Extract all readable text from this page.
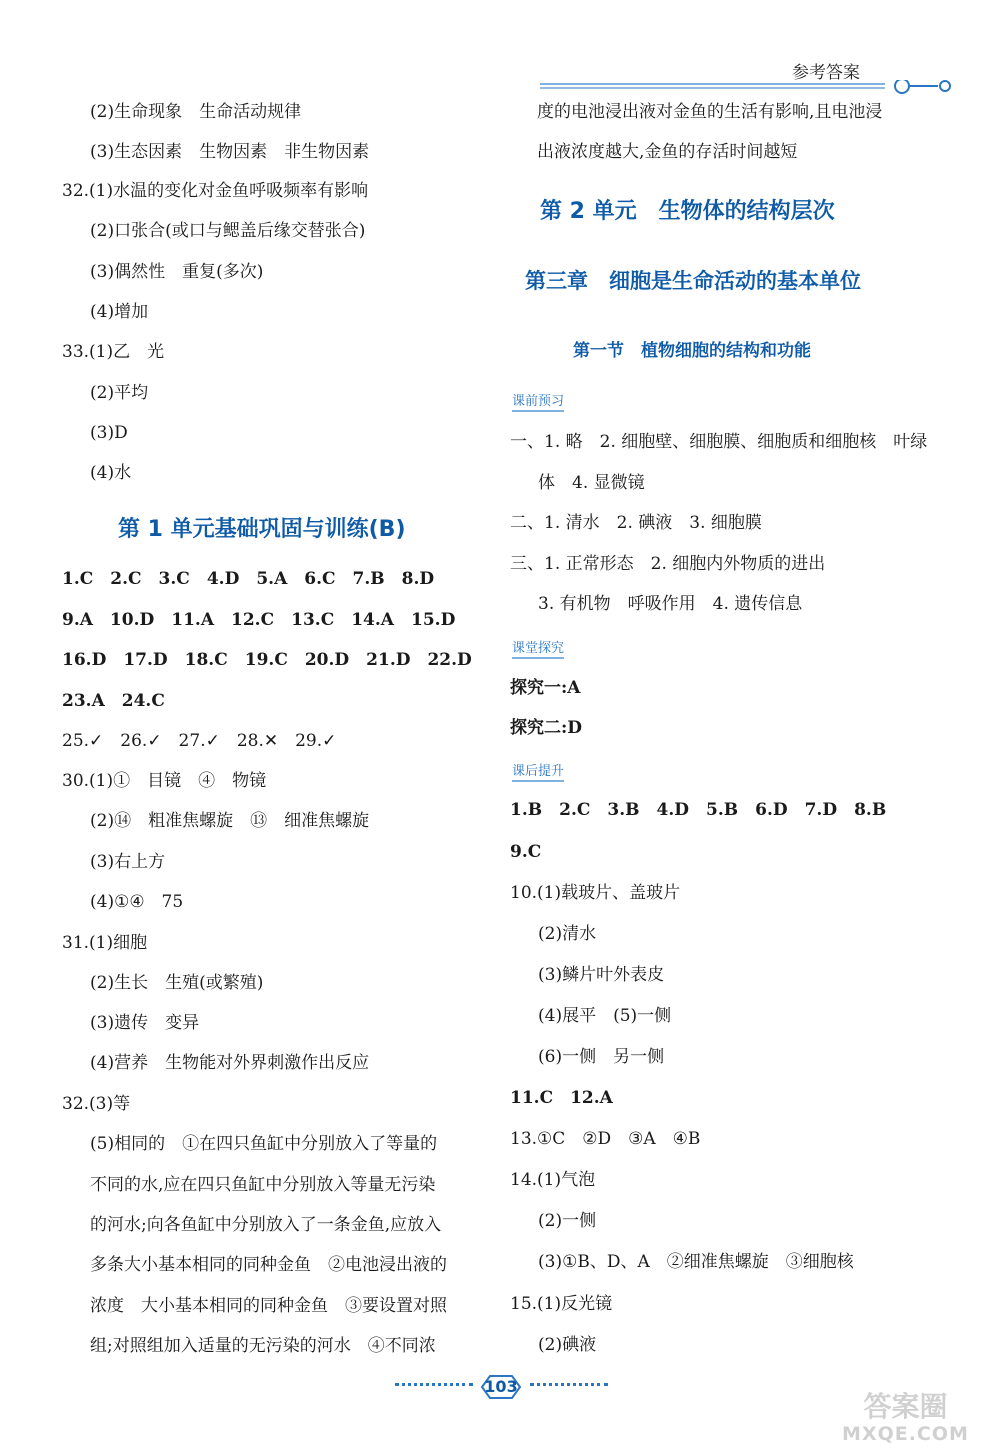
参考答案
(2)生命现象　生命活动规律
(3)生态因素　生物因素　非生物因素
32.(1)水温的变化对金鱼呼吸频率有影响
(2)口张合(或口与鳃盖后缘交替张合)
(3)偶然性　重复(多次)
(4)增加
33.(1)乙　光
(2)平均
(3)D
(4)水
第 1 单元基础巩固与训练(B)
1.C　2.C　3.C　4.D　5.A　6.C　7.B　8.D
9.A　10.D　11.A　12.C　13.C　14.A　15.D
16.D　17.D　18.C　19.C　20.D　21.D　22.D
23.A　24.C
25.✓　26.✓　27.✓　28.✕　29.✓
30.(1)①　目镜　④　物镜
(2)⑭　粗准焦螺旋　⑬　细准焦螺旋
(3)右上方
(4)①④　75
31.(1)细胞
(2)生长　生殖(或繁殖)
(3)遗传　变异
(4)营养　生物能对外界刺激作出反应
32.(3)等
(5)相同的　①在四只鱼缸中分别放入了等量的
不同的水,应在四只鱼缸中分别放入等量无污染
的河水;向各鱼缸中分别放入了一条金鱼,应放入
多条大小基本相同的同种金鱼　②电池浸出液的
浓度　大小基本相同的同种金鱼　③要设置对照
组;对照组加入适量的无污染的河水　④不同浓
度的电池浸出液对金鱼的生活有影响,且电池浸
出液浓度越大,金鱼的存活时间越短
第 2 单元　生物体的结构层次
第三章　细胞是生命活动的基本单位
第一节　植物细胞的结构和功能
课前预习
一、1. 略　2. 细胞壁、细胞膜、细胞质和细胞核　叶绿
体　4. 显微镜
二、1. 清水　2. 碘液　3. 细胞膜
三、1. 正常形态　2. 细胞内外物质的进出
3. 有机物　呼吸作用　4. 遗传信息
课堂探究
探究一:A
探究二:D
课后提升
1.B　2.C　3.B　4.D　5.B　6.D　7.D　8.B
9.C
10.(1)载玻片、盖玻片
(2)清水
(3)鳞片叶外表皮
(4)展平　(5)一侧
(6)一侧　另一侧
11.C　12.A
13.①C　②D　③A　④B
14.(1)气泡
(2)一侧
(3)①B、D、A　②细准焦螺旋　③细胞核
15.(1)反光镜
(2)碘液
103
答案圈
MXQE.COM
